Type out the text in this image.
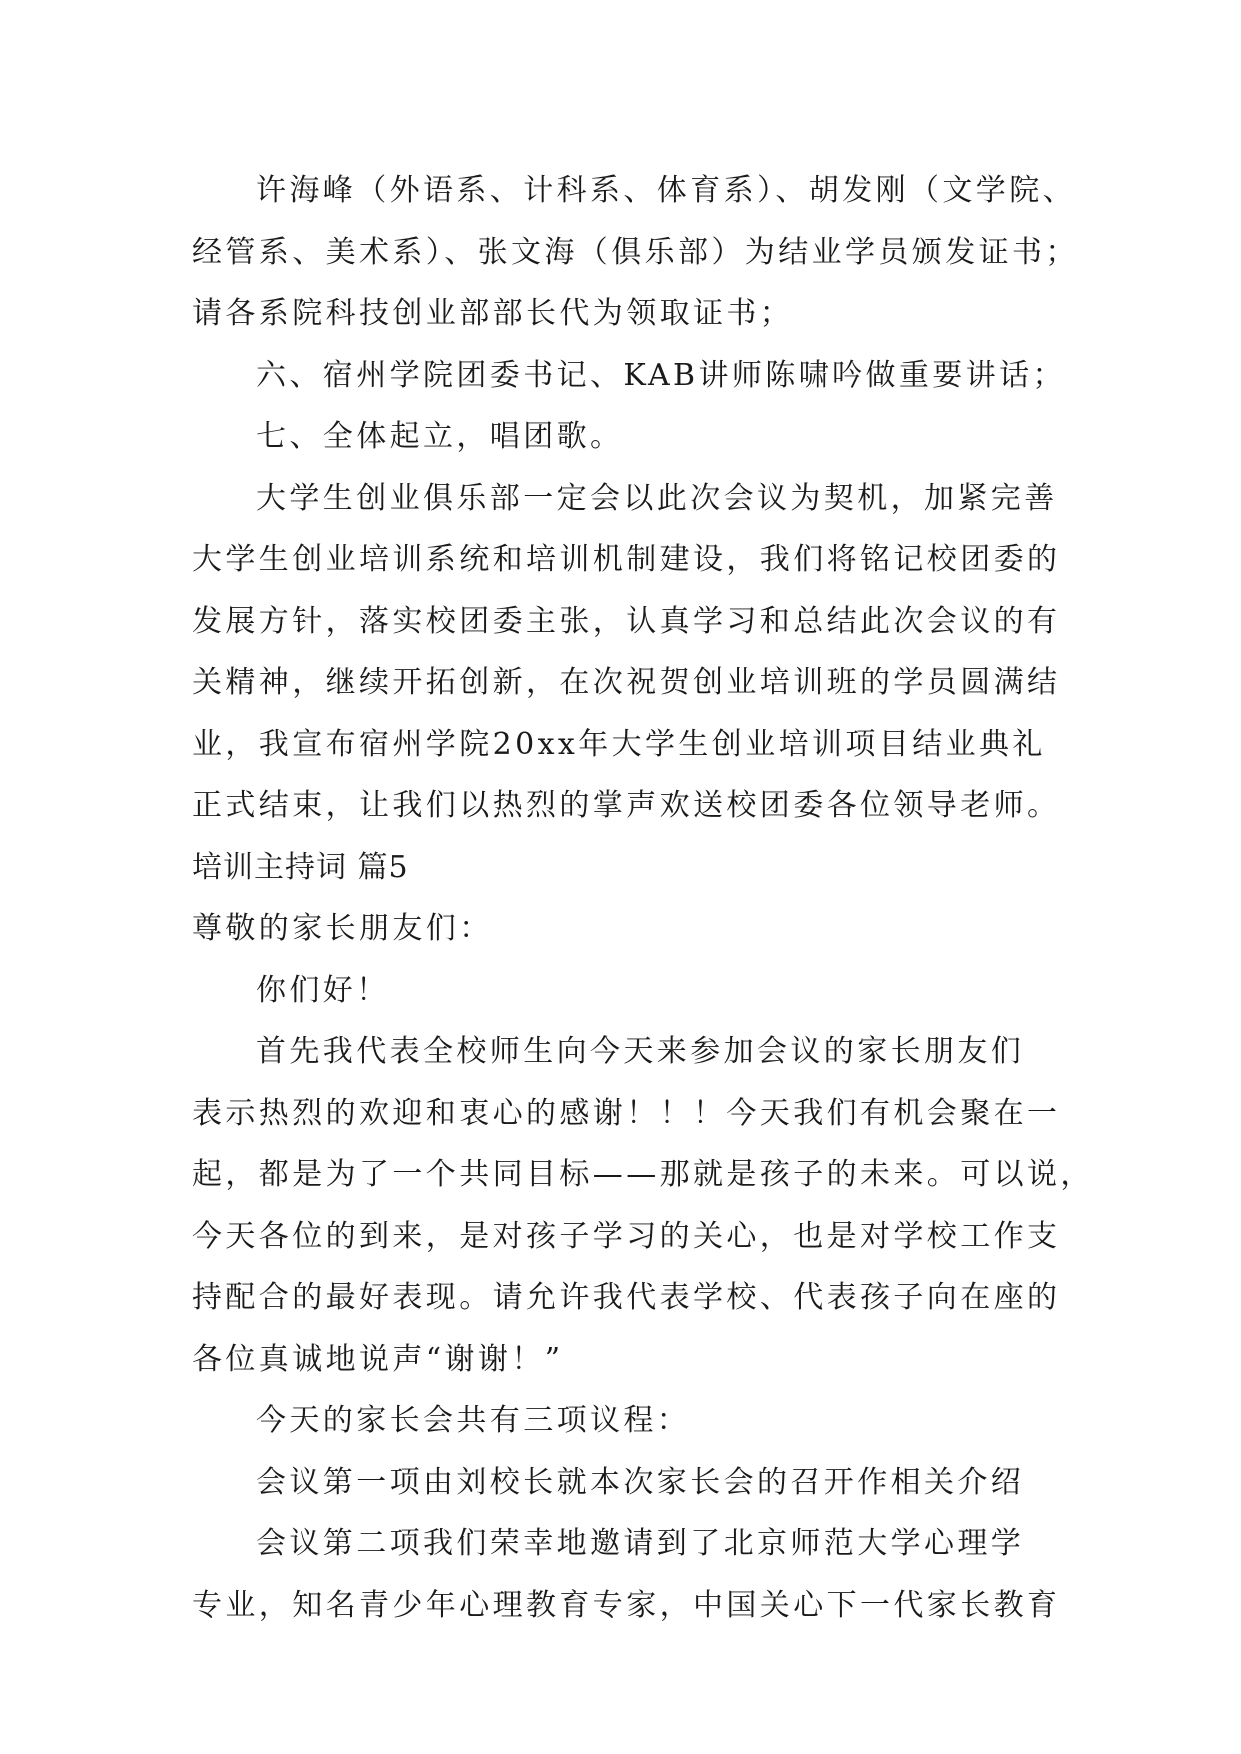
许海峰（外语系、计科系、体育系）、胡发刚（文学院、
经管系、美术系）、张文海（俱乐部）为结业学员颁发证书；
请各系院科技创业部部长代为领取证书；
六、宿州学院团委书记、KAB讲师陈啸吟做重要讲话；
七、全体起立，唱团歌。
大学生创业俱乐部一定会以此次会议为契机，加紧完善
大学生创业培训系统和培训机制建设，我们将铭记校团委的
发展方针，落实校团委主张，认真学习和总结此次会议的有
关精神，继续开拓创新，在次祝贺创业培训班的学员圆满结
业，我宣布宿州学院20xx年大学生创业培训项目结业典礼
正式结束，让我们以热烈的掌声欢送校团委各位领导老师。
培训主持词 篇5
尊敬的家长朋友们：
你们好！
首先我代表全校师生向今天来参加会议的家长朋友们
表示热烈的欢迎和衷心的感谢！！！今天我们有机会聚在一
起，都是为了一个共同目标——那就是孩子的未来。可以说，
今天各位的到来，是对孩子学习的关心，也是对学校工作支
持配合的最好表现。请允许我代表学校、代表孩子向在座的
各位真诚地说声“谢谢！”
今天的家长会共有三项议程：
会议第一项由刘校长就本次家长会的召开作相关介绍
会议第二项我们荣幸地邀请到了北京师范大学心理学
专业，知名青少年心理教育专家，中国关心下一代家长教育
